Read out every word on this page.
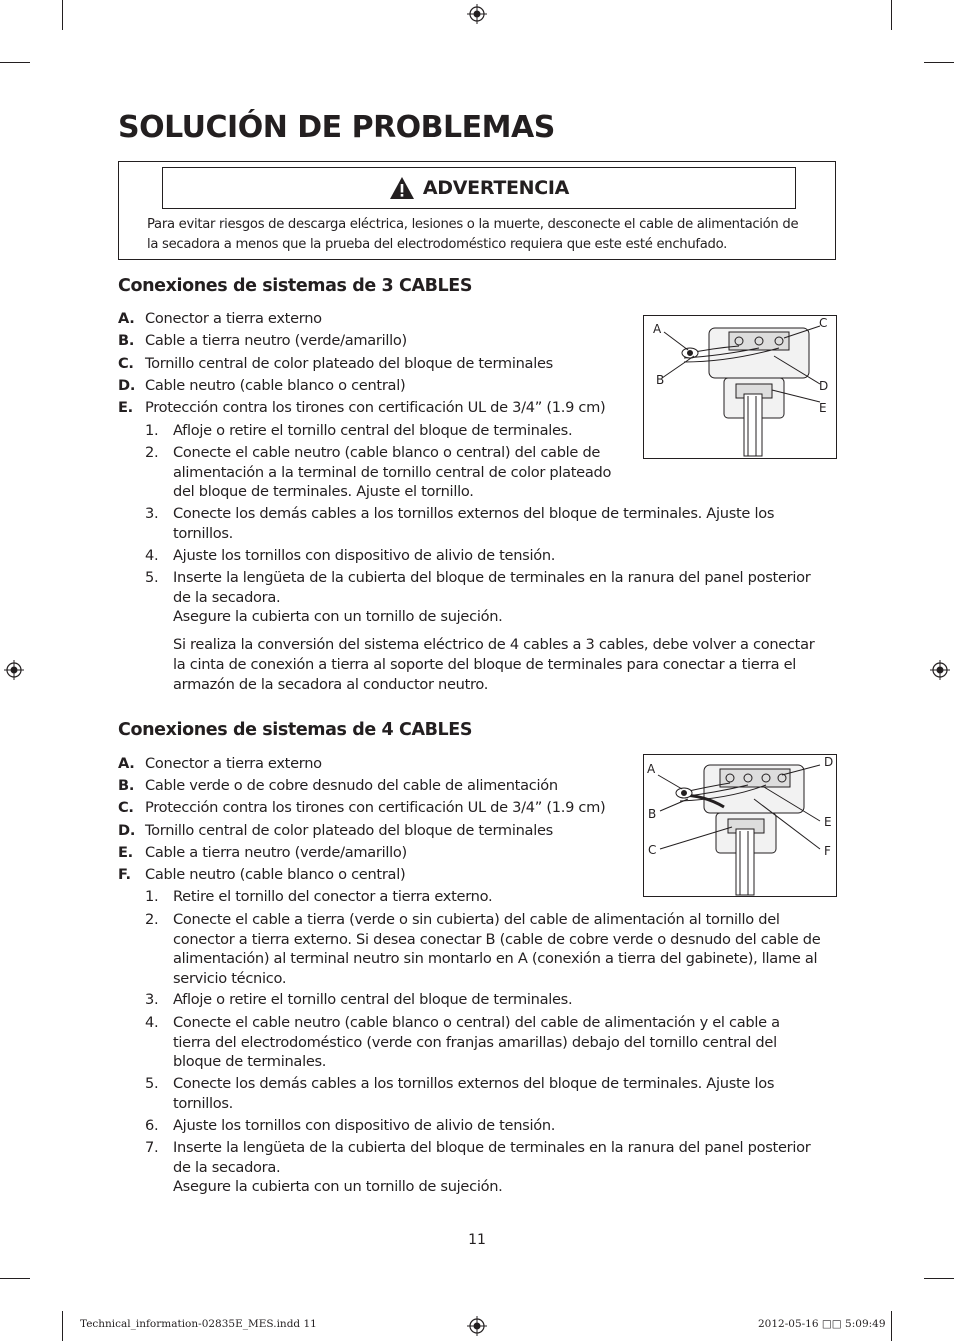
SOLUCIÓN DE PROBLEMAS
ADVERTENCIA

Para evitar riesgos de descarga eléctrica, lesiones o la muerte, desconecte el cable de alimentación de
la secadora a menos que la prueba del electrodoméstico requiera que este esté enchufado.

Conexiones de sistemas de 3 CABLES
A. Conector a tierra externo
B. Cable a tierra neutro (verde/amarillo)
C. Tornillo central de color plateado del bloque de terminales
D. Cable neutro (cable blanco o central)
E. Protección contra los tirones con certificación UL de 3/4” (1.9 cm)
1. Afloje o retire el tornillo central del bloque de terminales.
2. Conecte el cable neutro (cable blanco o central) del cable de
alimentación a la terminal de tornillo central de color plateado
del bloque de terminales. Ajuste el tornillo.
3. Conecte los demás cables a los tornillos externos del bloque de terminales. Ajuste los
tornillos.
4. Ajuste los tornillos con dispositivo de alivio de tensión.
5. Inserte la lengüeta de la cubierta del bloque de terminales en la ranura del panel posterior
de la secadora.
Asegure la cubierta con un tornillo de sujeción.
Si realiza la conversión del sistema eléctrico de 4 cables a 3 cables, debe volver a conectar
la cinta de conexión a tierra al soporte del bloque de terminales para conectar a tierra el
armazón de la secadora al conductor neutro.
A
B
C
D
E
Conexiones de sistemas de 4 CABLES
A. Conector a tierra externo
B. Cable verde o de cobre desnudo del cable de alimentación
C. Protección contra los tirones con certificación UL de 3/4” (1.9 cm)
D. Tornillo central de color plateado del bloque de terminales
E. Cable a tierra neutro (verde/amarillo)
F. Cable neutro (cable blanco o central)
1. Retire el tornillo del conector a tierra externo.
2. Conecte el cable a tierra (verde o sin cubierta) del cable de alimentación al tornillo del
conector a tierra externo. Si desea conectar B (cable de cobre verde o desnudo del cable de
alimentación) al terminal neutro sin montarlo en A (conexión a tierra del gabinete), llame al
servicio técnico.
3. Afloje o retire el tornillo central del bloque de terminales.
4. Conecte el cable neutro (cable blanco o central) del cable de alimentación y el cable a
tierra del electrodoméstico (verde con franjas amarillas) debajo del tornillo central del
bloque de terminales.
5. Conecte los demás cables a los tornillos externos del bloque de terminales. Ajuste los
tornillos.
6. Ajuste los tornillos con dispositivo de alivio de tensión.
7. Inserte la lengüeta de la cubierta del bloque de terminales en la ranura del panel posterior
de la secadora.
Asegure la cubierta con un tornillo de sujeción.
A
B
C
D
E
F
11
Technical_information-02835E_MES.indd 11	2012-05-16 □□ 5:09:49
